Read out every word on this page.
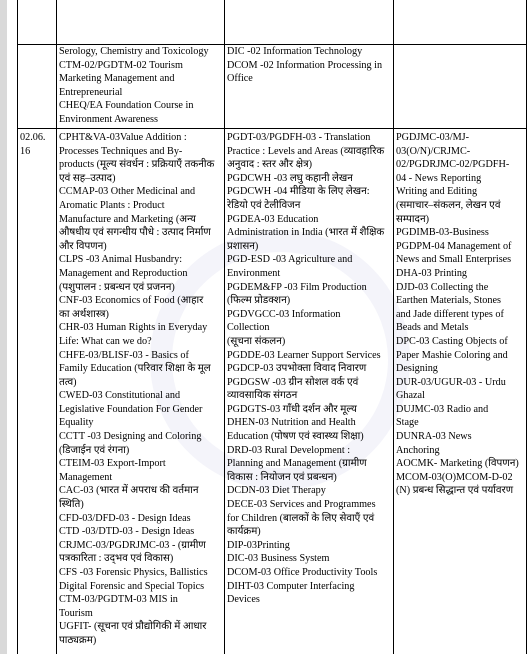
Serology, Chemistry and Toxicology
CTM-02/PGDTM-02 Tourism
Marketing Management and
Entrepreneurial
CHEQ/EA Foundation Course in
Environment Awareness
DIC -02 Information Technology
DCOM -02 Information Processing in
Office
02.06.
16
CPHT&VA-03Value Addition :
Processes Techniques and By-
products (मूल्य संवर्धन : प्रक्रियाएँ तकनीक
एवं सह–उत्पाद)
CCMAP-03 Other Medicinal and
Aromatic Plants : Product
Manufacture and Marketing (अन्य
औषधीय एवं सगन्धीय पौधे : उत्पाद निर्माण
और विपणन)
CLPS -03 Animal Husbandry:
Management and Reproduction
(पशुपालन : प्रबन्धन एवं प्रजनन)
CNF-03 Economics of Food (आहार
का अर्थशास्त्र)
CHR-03 Human Rights in Everyday
Life: What can we do?
CHFE-03/BLISF-03 - Basics of
Family Education (परिवार शिक्षा के मूल
तत्व)
CWED-03 Constitutional and
Legislative Foundation For Gender
Equality
CCTT -03 Designing and Coloring
(डिजाईन एवं रंगना)
CTEIM-03 Export-Import
Management
CAC-03 (भारत में अपराध की वर्तमान
स्थिति)
CFD-03/DFD-03 - Design Ideas
CTD -03/DTD-03 - Design Ideas
CRJMC-03/PGDRJMC-03 - (ग्रामीण
पत्रकारिता : उद्‌भव एवं विकास)
CFS -03 Forensic Physics, Ballistics
Digital Forensic and Special Topics
CTM-03/PGDTM-03 MIS in
Tourism
UGFIT- (सूचना एवं प्रौद्योगिकी में आधार
पाठ्यक्रम)
PGDT-03/PGDFH-03 - Translation
Practice : Levels and Areas (व्यावहारिक
अनुवाद : स्तर और क्षेत्र)
PGDCWH -03 लघु कहानी लेखन
PGDCWH -04 मीडिया के लिए लेखन:
रेडियो एवं टेलीविजन
PGDEA-03 Education
Administration in India (भारत में शैक्षिक
प्रशासन)
PGD-ESD -03 Agriculture and
Environment
PGDEM&FP -03 Film Production
(फिल्म प्रोडक्शन)
PGDVGCC-03 Information
Collection
(सूचना संकलन)
PGDDE-03 Learner Support Services
PGDCP-03 उपभोक्ता विवाद निवारण
PGDGSW -03 ग्रीन सोशल वर्क एवं
व्यावसायिक संगठन
PGDGTS-03 गाँधी दर्शन और मूल्य
DHEN-03 Nutrition and Health
Education (पोषण एवं स्वास्थ्य शिक्षा)
DRD-03 Rural Development :
Planning and Management (ग्रामीण
विकास : नियोजन एवं प्रबन्धन)
DCDN-03 Diet Therapy
DECE-03 Services and Programmes
for Children (बालकों के लिए सेवाएँ एवं
कार्यक्रम)
DIP-03Printing
DIC-03 Business System
DCOM-03 Office Productivity Tools
DIHT-03 Computer Interfacing
Devices
PGDJMC-03/MJ-
03(O/N)/CRJMC-
02/PGDRJMC-02/PGDFH-
04 - News Reporting
Writing and Editing
(समाचार–संकलन, लेखन एवं
सम्पादन)
PGDIMB-03-Business
PGDPM-04 Management of
News and Small Enterprises
DHA-03 Printing
DJD-03 Collecting the
Earthen Materials, Stones
and Jade different types of
Beads and Metals
DPC-03 Casting Objects of
Paper Mashie Coloring and
Designing
DUR-03/UGUR-03 - Urdu
Ghazal
DUJMC-03 Radio and
Stage
DUNRA-03 News
Anchoring
AOCMK- Marketing (विपणन)
MCOM-03(O)MCOM-D-02
(N) प्रबन्ध सिद्धान्त एवं पर्यावरण
